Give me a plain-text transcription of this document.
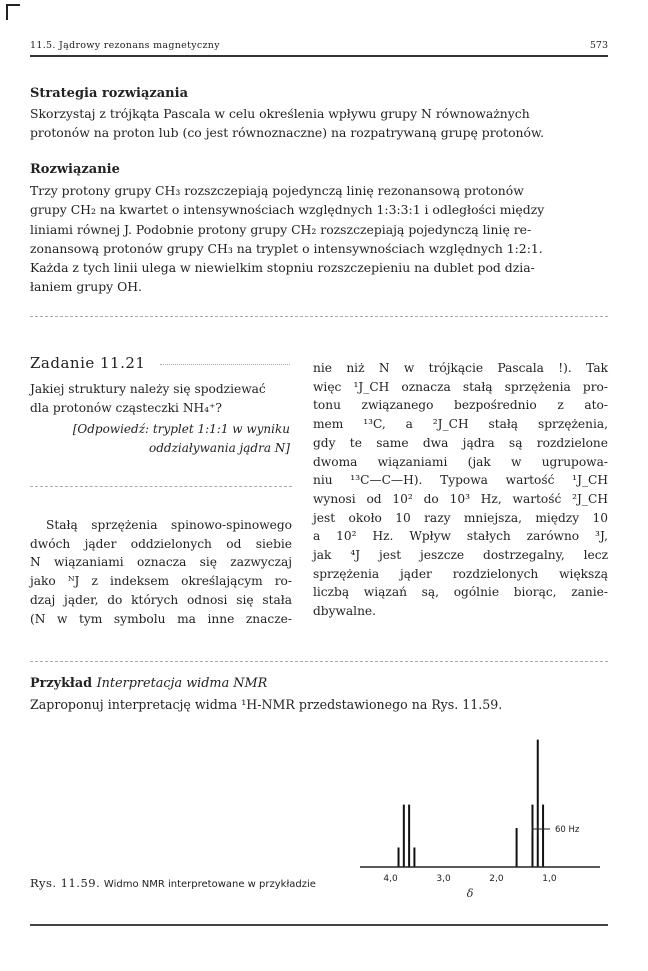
11.5. Jądrowy rezonans magnetyczny	573
Strategia rozwiązania
Skorzystaj z trójkąta Pascala w celu określenia wpływu grupy N równoważnych
protonów na proton lub (co jest równoznaczne) na rozpatrywaną grupę protonów.
Rozwiązanie
Trzy protony grupy CH₃ rozszczepiają pojedynczą linię rezonansową protonów
grupy CH₂ na kwartet o intensywnościach względnych 1:3:3:1 i odległości między
liniami równej J. Podobnie protony grupy CH₂ rozszczepiają pojedynczą linię re-
zonansową protonów grupy CH₃ na tryplet o intensywnościach względnych 1:2:1.
Każda z tych linii ulega w niewielkim stopniu rozszczepieniu na dublet pod dzia-
łaniem grupy OH.
Zadanie 11.21
Jakiej struktury należy się spodziewać
dla protonów cząsteczki NH₄⁺?
[Odpowiedź: tryplet 1:1:1 w wyniku
oddziaływania jądra N]
Stałą sprzężenia spinowo-spinowego
dwóch jąder oddzielonych od siebie
N wiązaniami oznacza się zazwyczaj
jako ᴺJ z indeksem określającym ro-
dzaj jąder, do których odnosi się stała
(N w tym symbolu ma inne znacze-
nie niż N w trójkącie Pascala !). Tak
więc ¹J_CH oznacza stałą sprzężenia pro-
tonu związanego bezpośrednio z ato-
mem ¹³C, a ²J_CH stałą sprzężenia,
gdy te same dwa jądra są rozdzielone
dwoma wiązaniami (jak w ugrupowa-
niu ¹³C—C—H). Typowa wartość ¹J_CH
wynosi od 10² do 10³ Hz, wartość ²J_CH
jest około 10 razy mniejsza, między 10
a 10² Hz. Wpływ stałych zarówno ³J,
jak ⁴J jest jeszcze dostrzegalny, lecz
sprzężenia jąder rozdzielonych większą
liczbą wiązań są, ogólnie biorąc, zanie-
dbywalne.
Przykład Interpretacja widma NMR
Zaproponuj interpretację widma ¹H-NMR przedstawionego na Rys. 11.59.
4,0	3,0	2,0	1,0
δ
60 Hz
Rys. 11.59. Widmo NMR interpretowane w przykładzie
